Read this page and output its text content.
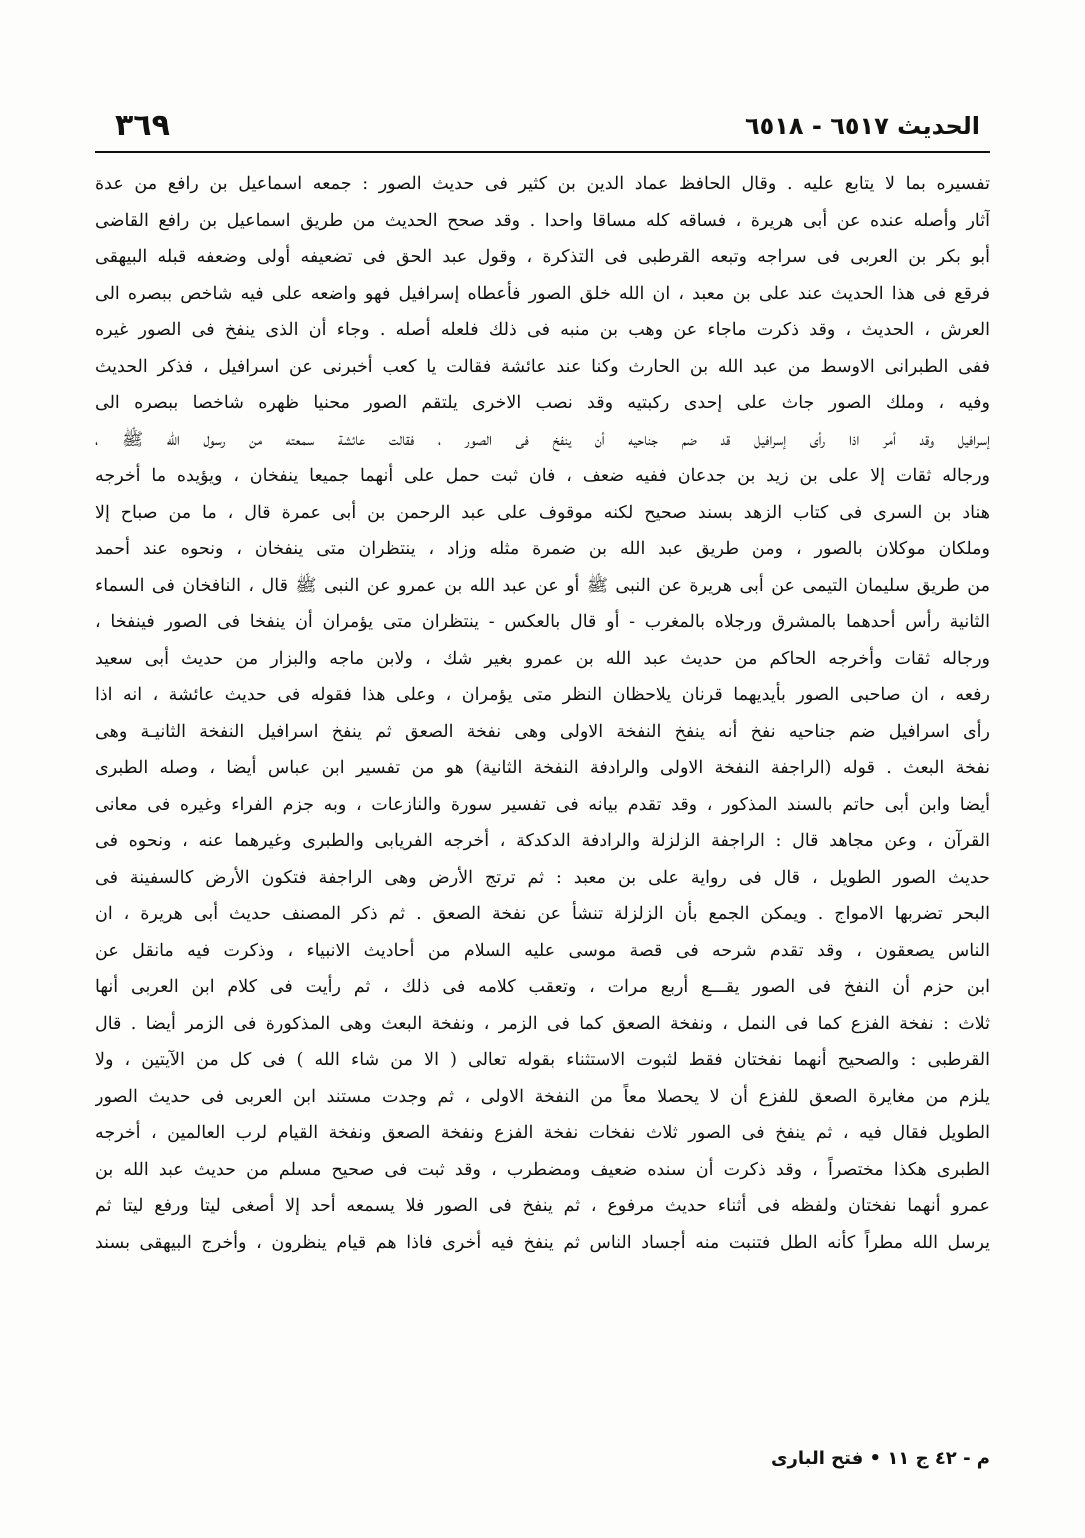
الحديث ٦٥١٧ - ٦٥١٨
٣٦٩
تفسيره بما لا يتابع عليه . وقال الحافظ عماد الدين بن كثير فى حديث الصور : جمعه اسماعيل بن رافع من عدة
آثار وأصله عنده عن أبى هريرة ، فساقه كله مساقا واحدا . وقد صحح الحديث من طريق اسماعيل بن رافع القاضى
أبو بكر بن العربى فى سراجه وتبعه القرطبى فى التذكرة ، وقول عبد الحق فى تضعيفه أولى وضعفه قبله البيهقى
فرقع فى هذا الحديث عند على بن معبد ، ان الله خلق الصور فأعطاه إسرافيل فهو واضعه على فيه شاخص ببصره الى
العرش ، الحديث ، وقد ذكرت ماجاء عن وهب بن منبه فى ذلك فلعله أصله . وجاء أن الذى ينفخ فى الصور غيره
ففى الطبرانى الاوسط من عبد الله بن الحارث وكنا عند عائشة فقالت يا كعب أخبرنى عن اسرافيل ، فذكر الحديث
وفيه ، وملك الصور جاث على إحدى ركبتيه وقد نصب الاخرى يلتقم الصور محنيا ظهره شاخصا ببصره الى
إسرافيل وقد أمر اذا رأى إسرافيل قد ضم جناحيه أن ينفخ فى الصور ، فقالت عائشة سمعته من رسول الله ﷺ ،
ورجاله ثقات إلا على بن زيد بن جدعان ففيه ضعف ، فان ثبت حمل على أنهما جميعا ينفخان ، ويؤيده ما أخرجه
هناد بن السرى فى كتاب الزهد بسند صحيح لكنه موقوف على عبد الرحمن بن أبى عمرة قال ، ما من صباح إلا
وملكان موكلان بالصور ، ومن طريق عبد الله بن ضمرة مثله وزاد ، ينتظران متى ينفخان ، ونحوه عند أحمد
من طريق سليمان التيمى عن أبى هريرة عن النبى ﷺ أو عن عبد الله بن عمرو عن النبى ﷺ قال ، النافخان فى السماء
الثانية رأس أحدهما بالمشرق ورجلاه بالمغرب - أو قال بالعكس - ينتظران متى يؤمران أن ينفخا فى الصور فينفخا ،
ورجاله ثقات وأخرجه الحاكم من حديث عبد الله بن عمرو بغير شك ، ولابن ماجه والبزار من حديث أبى سعيد
رفعه ، ان صاحبى الصور بأيديهما قرنان يلاحظان النظر متى يؤمران ، وعلى هذا فقوله فى حديث عائشة ، انه اذا
رأى اسرافيل ضم جناحيه نفخ أنه ينفخ النفخة الاولى وهى نفخة الصعق ثم ينفخ اسرافيل النفخة الثانيـة وهى
نفخة البعث . قوله (الراجفة النفخة الاولى والرادفة النفخة الثانية) هو من تفسير ابن عباس أيضا ، وصله الطبرى
أيضا وابن أبى حاتم بالسند المذكور ، وقد تقدم بيانه فى تفسير سورة والنازعات ، وبه جزم الفراء وغيره فى معانى
القرآن ، وعن مجاهد قال : الراجفة الزلزلة والرادفة الدكدكة ، أخرجه الفريابى والطبرى وغيرهما عنه ، ونحوه فى
حديث الصور الطويل ، قال فى رواية على بن معبد : ثم ترتج الأرض وهى الراجفة فتكون الأرض كالسفينة فى
البحر تضربها الامواج . ويمكن الجمع بأن الزلزلة تنشأ عن نفخة الصعق . ثم ذكر المصنف حديث أبى هريرة ، ان
الناس يصعقون ، وقد تقدم شرحه فى قصة موسى عليه السلام من أحاديث الانبياء ، وذكرت فيه مانقل عن
ابن حزم أن النفخ فى الصور يقـــع أربع مرات ، وتعقب كلامه فى ذلك ، ثم رأيت فى كلام ابن العربى أنها
ثلاث : نفخة الفزع كما فى النمل ، ونفخة الصعق كما فى الزمر ، ونفخة البعث وهى المذكورة فى الزمر أيضا . قال
القرطبى : والصحيح أنهما نفختان فقط لثبوت الاستثناء بقوله تعالى ( الا من شاء الله ) فى كل من الآيتين ، ولا
يلزم من مغايرة الصعق للفزع أن لا يحصلا معاً من النفخة الاولى ، ثم وجدت مستند ابن العربى فى حديث الصور
الطويل فقال فيه ، ثم ينفخ فى الصور ثلاث نفخات نفخة الفزع ونفخة الصعق ونفخة القيام لرب العالمين ، أخرجه
الطبرى هكذا مختصراً ، وقد ذكرت أن سنده ضعيف ومضطرب ، وقد ثبت فى صحيح مسلم من حديث عبد الله بن
عمرو أنهما نفختان ولفظه فى أثناء حديث مرفوع ، ثم ينفخ فى الصور فلا يسمعه أحد إلا أصغى ليتا ورفع ليتا ثم
يرسل الله مطراً كأنه الطل فتنبت منه أجساد الناس ثم ينفخ فيه أخرى فاذا هم قيام ينظرون ، وأخرج البيهقى بسند
م - ٤٢ ج ١١ • فتح البارى
